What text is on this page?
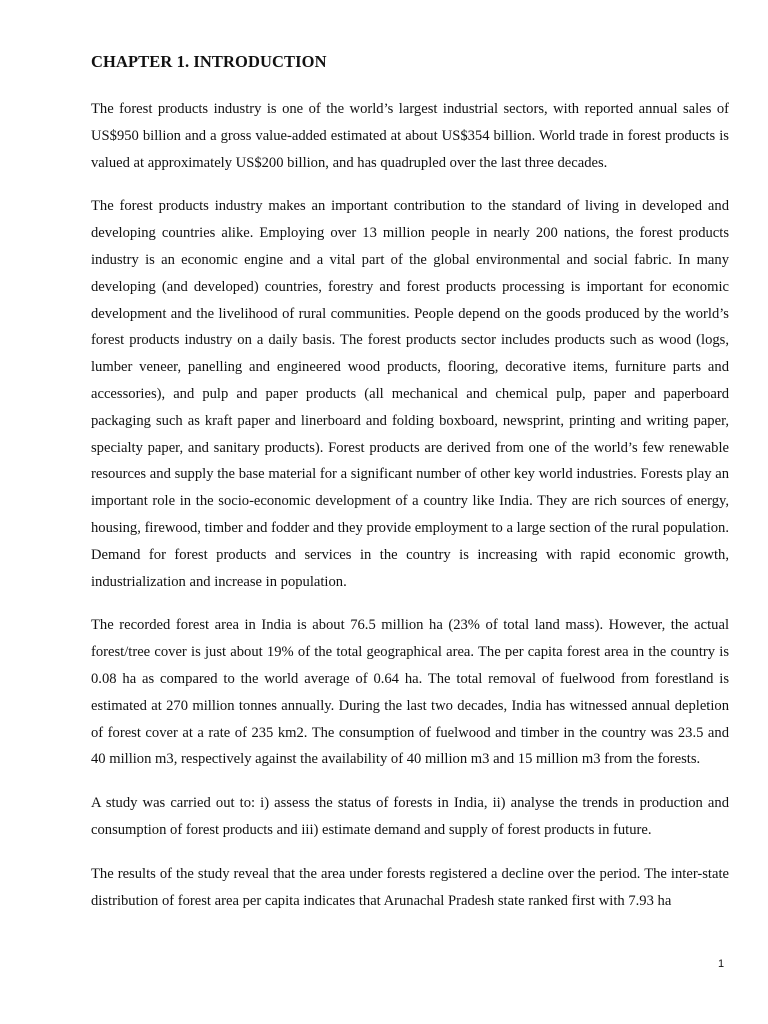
CHAPTER 1. INTRODUCTION

The forest products industry is one of the world’s largest industrial sectors, with reported annual sales of US$950 billion and a gross value-added estimated at about US$354 billion. World trade in forest products is valued at approximately US$200 billion, and has quadrupled over the last three decades.

The forest products industry makes an important contribution to the standard of living in developed and developing countries alike. Employing over 13 million people in nearly 200 nations, the forest products industry is an economic engine and a vital part of the global environmental and social fabric. In many developing (and developed) countries, forestry and forest products processing is important for economic development and the livelihood of rural communities. People depend on the goods produced by the world’s forest products industry on a daily basis. The forest products sector includes products such as wood (logs, lumber veneer, panelling and engineered wood products, flooring, decorative items, furniture parts and accessories), and pulp and paper products (all mechanical and chemical pulp, paper and paperboard packaging such as kraft paper and linerboard and folding boxboard, newsprint, printing and writing paper, specialty paper, and sanitary products). Forest products are derived from one of the world’s few renewable resources and supply the base material for a significant number of other key world industries. Forests play an important role in the socio-economic development of a country like India. They are rich sources of energy, housing, firewood, timber and fodder and they provide employment to a large section of the rural population. Demand for forest products and services in the country is increasing with rapid economic growth, industrialization and increase in population.

The recorded forest area in India is about 76.5 million ha (23% of total land mass). However, the actual forest/tree cover is just about 19% of the total geographical area. The per capita forest area in the country is 0.08 ha as compared to the world average of 0.64 ha. The total removal of fuelwood from forestland is estimated at 270 million tonnes annually. During the last two decades, India has witnessed annual depletion of forest cover at a rate of 235 km2. The consumption of fuelwood and timber in the country was 23.5 and 40 million m3, respectively against the availability of 40 million m3 and 15 million m3 from the forests.

A study was carried out to: i) assess the status of forests in India, ii) analyse the trends in production and consumption of forest products and iii) estimate demand and supply of forest products in future.

The results of the study reveal that the area under forests registered a decline over the period. The inter-state distribution of forest area per capita indicates that Arunachal Pradesh state ranked first with 7.93 ha

1
